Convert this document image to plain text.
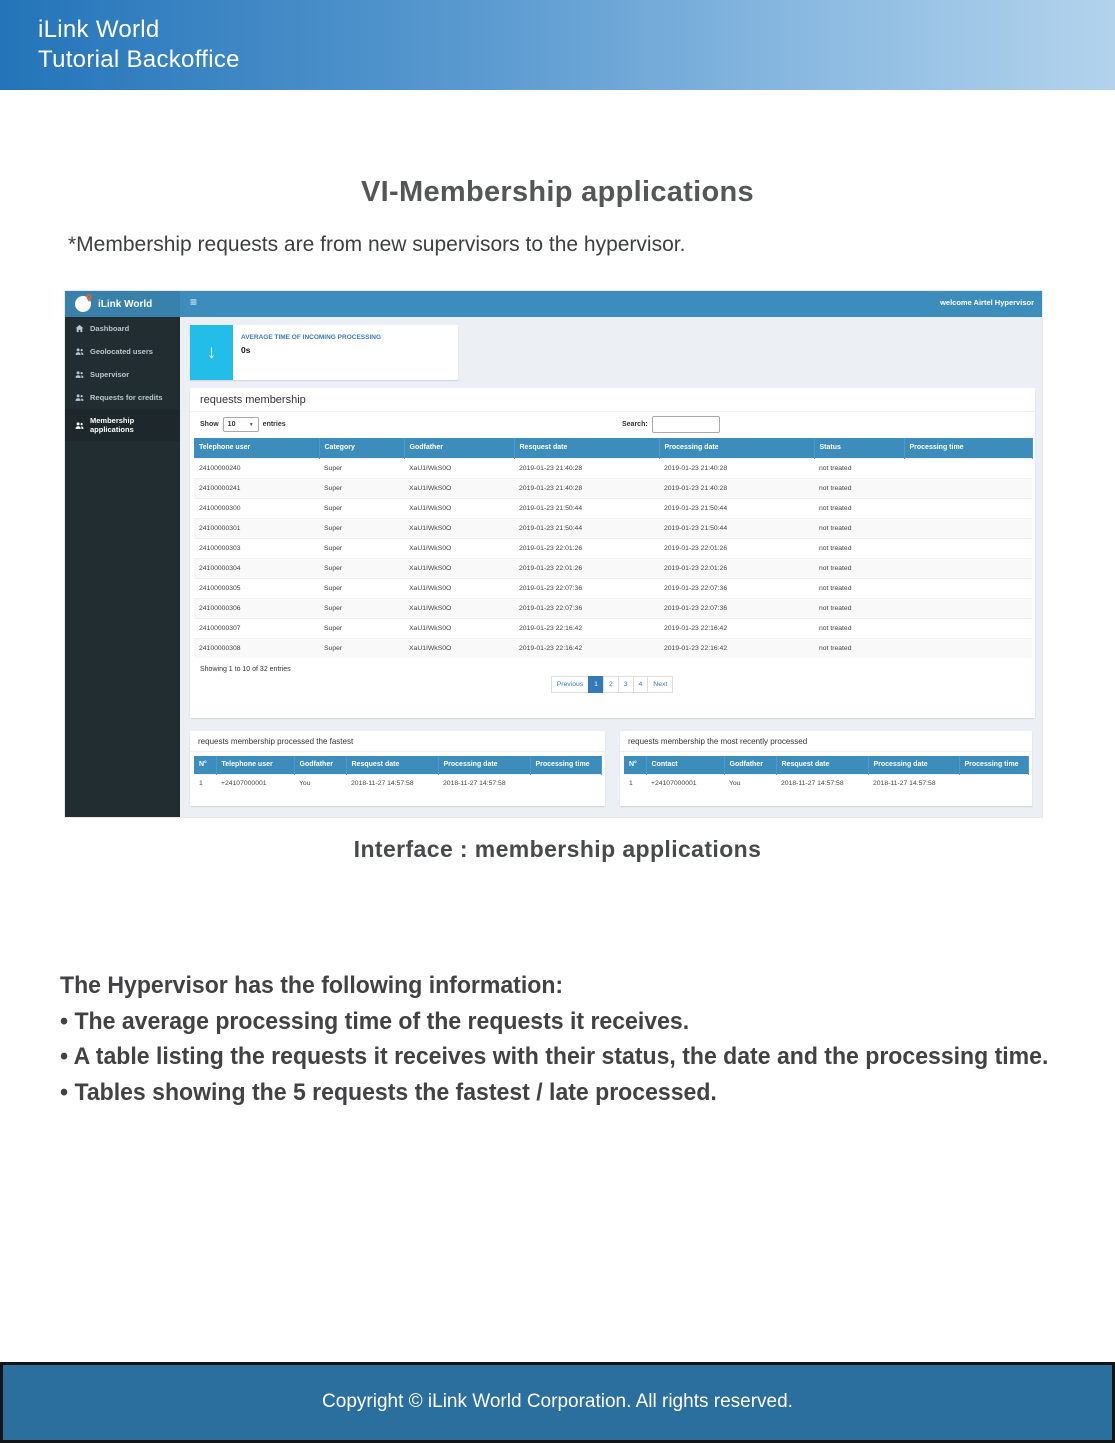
iLink World
Tutorial Backoffice
VI-Membership applications
*Membership requests are from new supervisors to the hypervisor.
iLink World	≡	welcome Airtel Hypervisor
Dashboard
Geolocated users
Supervisor
Requests for credits
Membership applications
↓
AVERAGE TIME OF INCOMING PROCESSING
0s
requests membership
Show 10	▼ entries	Search:
Telephone user	Category	Godfather	Resquest date	Processing date	Status	Processing time
24100000240	Super	XaU1IWkS0O	2019-01-23 21:40:28	2019-01-23 21:40:28	not treated	
24100000241	Super	XaU1IWkS0O	2019-01-23 21:40:28	2019-01-23 21:40:28	not treated	
24100000300	Super	XaU1IWkS0O	2019-01-23 21:50:44	2019-01-23 21:50:44	not treated	
24100000301	Super	XaU1IWkS0O	2019-01-23 21:50:44	2019-01-23 21:50:44	not treated	
24100000303	Super	XaU1IWkS0O	2019-01-23 22:01:26	2019-01-23 22:01:26	not treated	
24100000304	Super	XaU1IWkS0O	2019-01-23 22:01:26	2019-01-23 22:01:26	not treated	
24100000305	Super	XaU1IWkS0O	2019-01-23 22:07:36	2019-01-23 22:07:36	not treated	
24100000306	Super	XaU1IWkS0O	2019-01-23 22:07:36	2019-01-23 22:07:36	not treated	
24100000307	Super	XaU1IWkS0O	2019-01-23 22:16:42	2019-01-23 22:16:42	not treated	
24100000308	Super	XaU1IWkS0O	2019-01-23 22:16:42	2019-01-23 22:16:42	not treated	
Showing 1 to 10 of 32 entries
Previous	1	2	3	4	Next
requests membership processed the fastest
N°	Telephone user	Godfather	Resquest date	Processing date	Processing time
1	+24107000001	You	2018-11-27 14:57:58	2018-11-27 14:57:58	
requests membership the most recently processed
N°	Contact	Godfather	Resquest date	Processing date	Processing time
1	+24107000001	You	2018-11-27 14:57:58	2018-11-27 14:57:58	
Interface : membership applications
The Hypervisor has the following information:
• The average processing time of the requests it receives.
• A table listing the requests it receives with their status, the date and the processing time.
• Tables showing the 5 requests the fastest / late processed.
Copyright © iLink World Corporation. All rights reserved.
